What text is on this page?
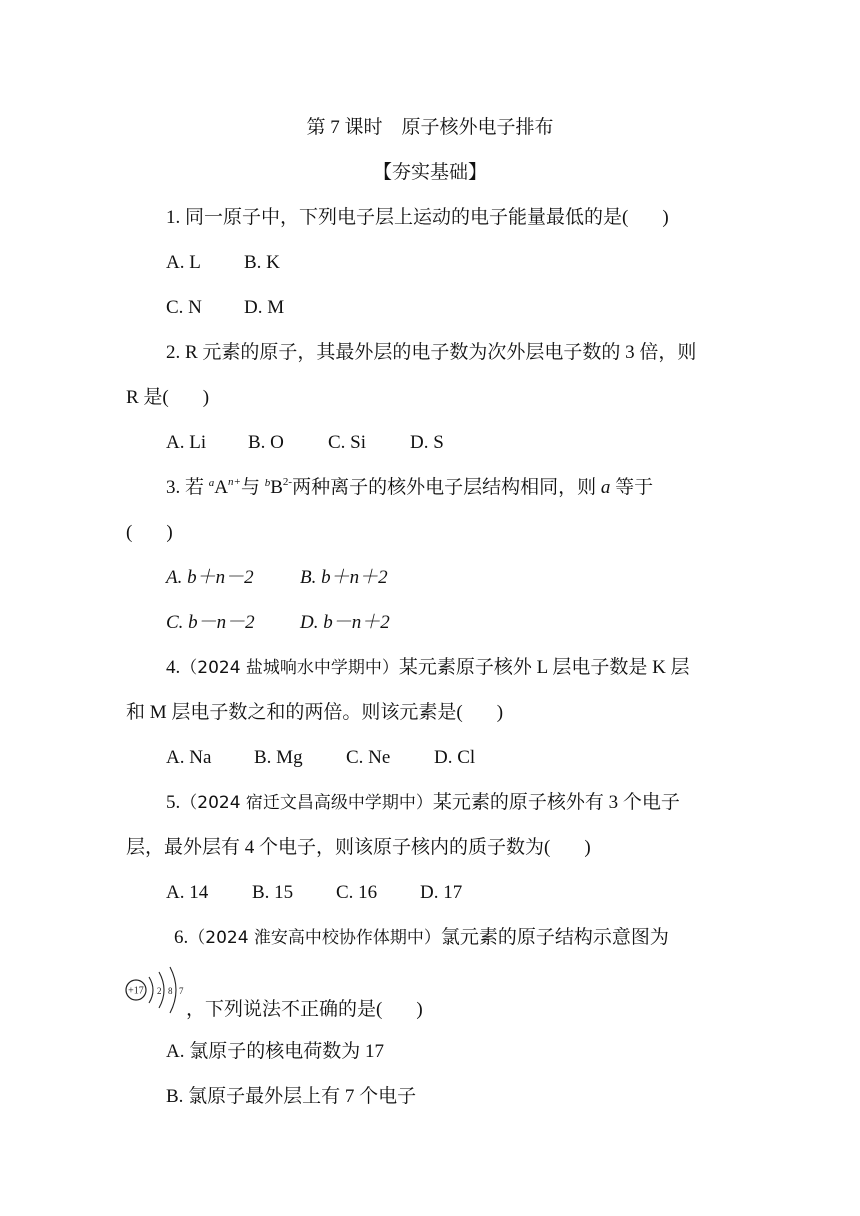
第 7 课时　原子核外电子排布
【夯实基础】
1. 同一原子中，下列电子层上运动的电子能量最低的是( )
A. L B. K
C. N D. M
2. R 元素的原子，其最外层的电子数为次外层电子数的 3 倍，则
R 是( )
A. Li B. O C. Si D. S
3. 若 $^aA^{n+}$与 $^bB^{2-}$两种离子的核外电子层结构相同，则 a 等于
( )
A. b＋n－2 B. b＋n＋2
C. b－n－2 D. b－n＋2
4.（2024 盐城响水中学期中）某元素原子核外 L 层电子数是 K 层
和 M 层电子数之和的两倍。则该元素是( )
A. Na B. Mg C. Ne D. Cl
5.（2024 宿迁文昌高级中学期中）某元素的原子核外有 3 个电子
层，最外层有 4 个电子，则该原子核内的质子数为( )
A. 14 B. 15 C. 16 D. 17
6.（2024 淮安高中校协作体期中）氯元素的原子结构示意图为
+17 2 8 7
，下列说法不正确的是( )
A. 氯原子的核电荷数为 17
B. 氯原子最外层上有 7 个电子
